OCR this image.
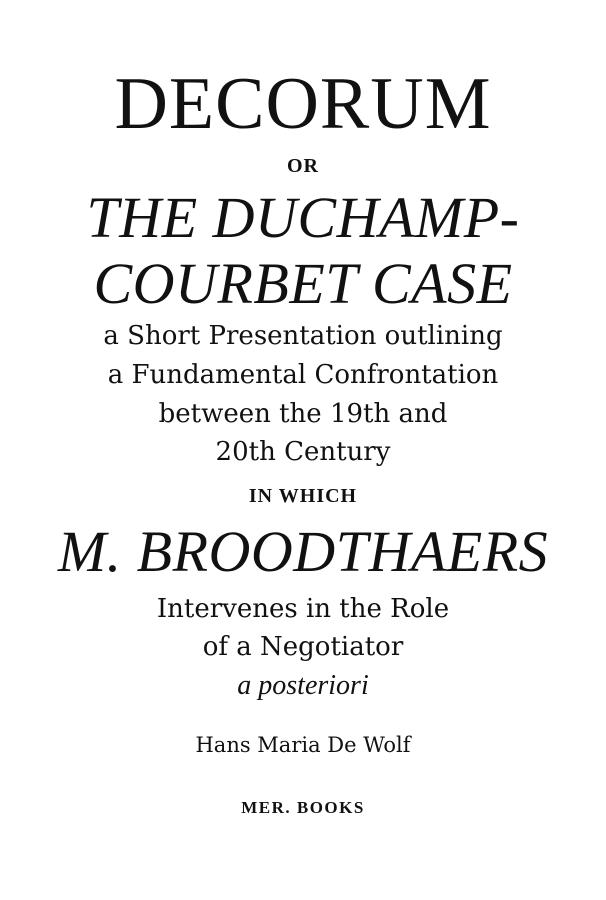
DECORUM
OR
THE DUCHAMP-
COURBET CASE
a Short Presentation outlining
a Fundamental Confrontation
between the 19th and
20th Century
IN WHICH
M. BROODTHAERS
Intervenes in the Role
of a Negotiator
a posteriori
Hans Maria De Wolf
MER. BOOKS
